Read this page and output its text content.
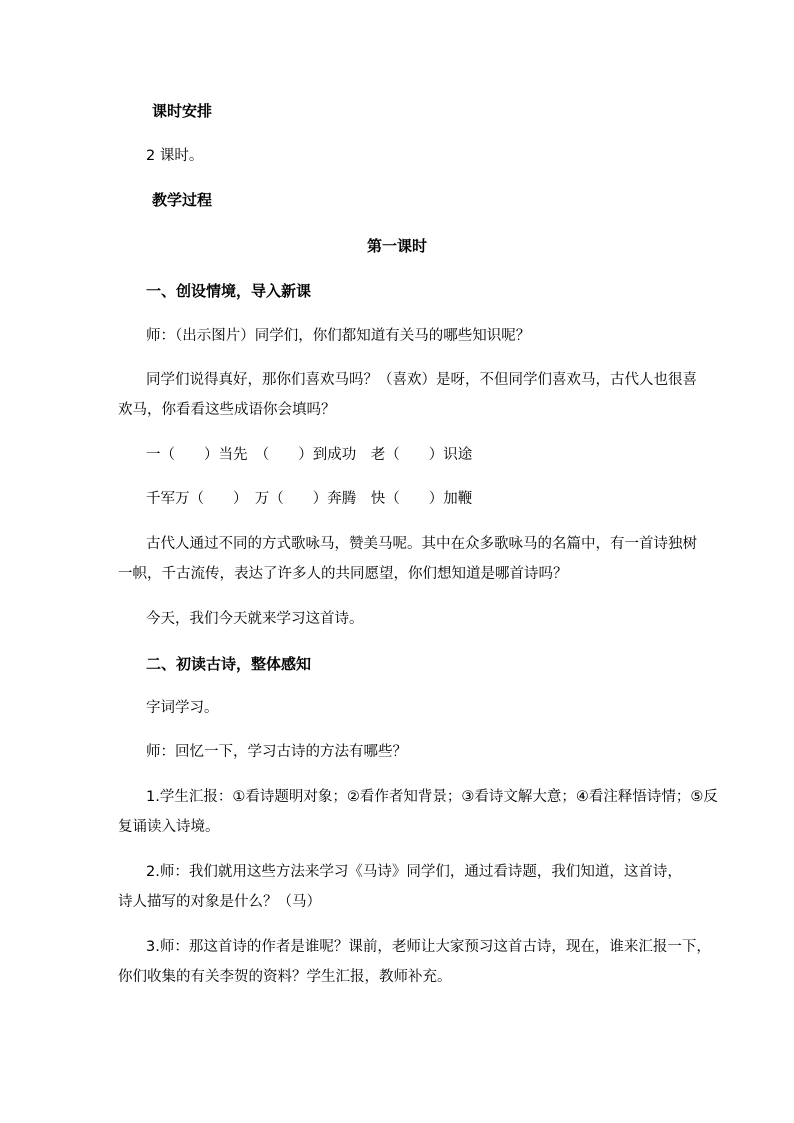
课时安排
2 课时。
教学过程
第一课时
一、创设情境，导入新课
师：（出示图片）同学们，你们都知道有关马的哪些知识呢？
同学们说得真好，那你们喜欢马吗？（喜欢）是呀，不但同学们喜欢马，古代人也很喜
欢马，你看看这些成语你会填吗？
一（　　）当先　（　　）到成功　老（　　）识途
千军万（　　）　万（　　）奔腾　快（　　）加鞭
古代人通过不同的方式歌咏马，赞美马呢。其中在众多歌咏马的名篇中，有一首诗独树
一帜，千古流传，表达了许多人的共同愿望，你们想知道是哪首诗吗？
今天，我们今天就来学习这首诗。
二、初读古诗，整体感知
字词学习。
师：回忆一下，学习古诗的方法有哪些？
1.学生汇报：①看诗题明对象；②看作者知背景；③看诗文解大意；④看注释悟诗情；⑤反
复诵读入诗境。
2.师：我们就用这些方法来学习《马诗》同学们，通过看诗题，我们知道，这首诗，
诗人描写的对象是什么？（马）
3.师：那这首诗的作者是谁呢？课前，老师让大家预习这首古诗，现在，谁来汇报一下，
你们收集的有关李贺的资料？学生汇报，教师补充。
